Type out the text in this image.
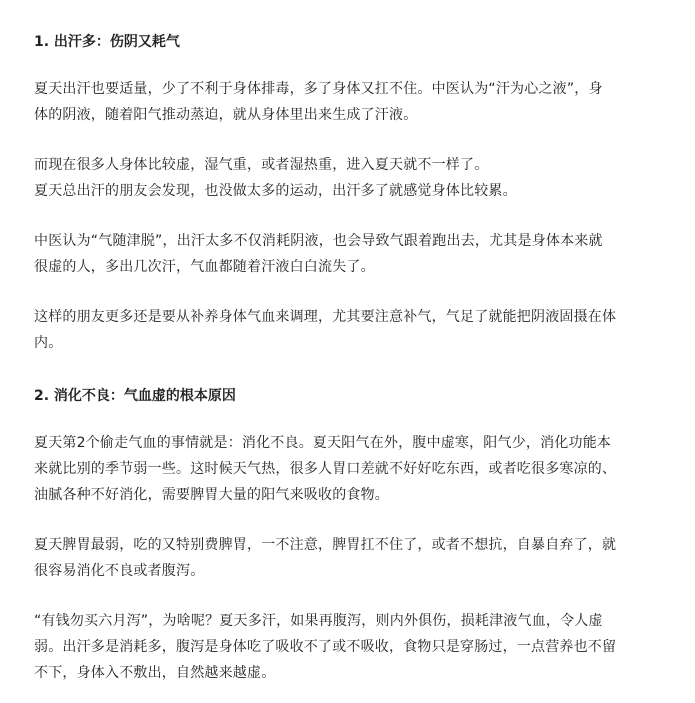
1. 出汗多：伤阴又耗气

夏天出汗也要适量，少了不利于身体排毒，多了身体又扛不住。中医认为“汗为心之液”，身
体的阴液，随着阳气推动蒸迫，就从身体里出来生成了汗液。

而现在很多人身体比较虚，湿气重，或者湿热重，进入夏天就不一样了。
夏天总出汗的朋友会发现，也没做太多的运动，出汗多了就感觉身体比较累。

中医认为“气随津脱”，出汗太多不仅消耗阴液，也会导致气跟着跑出去，尤其是身体本来就
很虚的人，多出几次汗，气血都随着汗液白白流失了。

这样的朋友更多还是要从补养身体气血来调理，尤其要注意补气，气足了就能把阴液固摄在体
内。

2. 消化不良：气血虚的根本原因

夏天第2个偷走气血的事情就是：消化不良。夏天阳气在外，腹中虚寒，阳气少，消化功能本
来就比别的季节弱一些。这时候天气热，很多人胃口差就不好好吃东西，或者吃很多寒凉的、
油腻各种不好消化，需要脾胃大量的阳气来吸收的食物。

夏天脾胃最弱，吃的又特别费脾胃，一不注意，脾胃扛不住了，或者不想抗，自暴自弃了，就
很容易消化不良或者腹泻。

“有钱勿买六月泻”，为啥呢？夏天多汗，如果再腹泻，则内外俱伤，损耗津液气血，令人虚
弱。出汗多是消耗多，腹泻是身体吃了吸收不了或不吸收，食物只是穿肠过，一点营养也不留
不下，身体入不敷出，自然越来越虚。
